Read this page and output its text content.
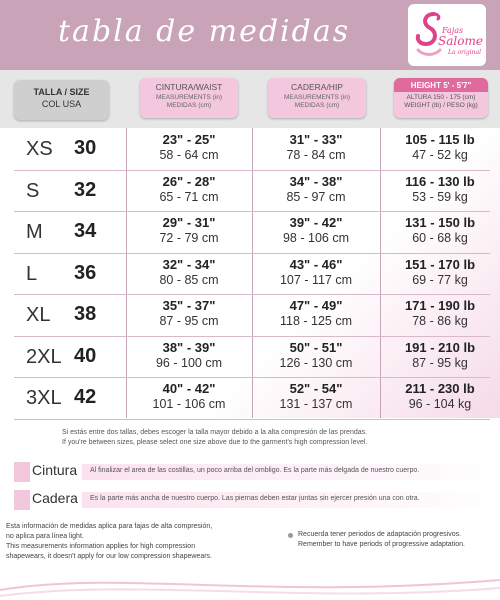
tabla de medidas	Fajas
Salome
La original
TALLA / SIZE
COL USA
CINTURA/WAIST
MEASUREMENTS (in)
MEDIDAS (cm)
CADERA/HIP
MEASUREMENTS (in)
MEDIDAS (cm)
HEIGHT 5' - 5'7"
ALTURA 150 - 175 (cm)
WEIGHT (lb) / PESO (kg)
XS 30	23" - 25"
58 - 64 cm
31" - 33"
78 - 84 cm
105 - 115 lb
47 - 52 kg
S 32	26" - 28"
65 - 71 cm
34" - 38"
85 - 97 cm
116 - 130 lb
53 - 59 kg
M 34	29" - 31"
72 - 79 cm
39" - 42"
98 - 106 cm
131 - 150 lb
60 - 68 kg
L 36	32" - 34"
80 - 85 cm
43" - 46"
107 - 117 cm
151 - 170 lb
69 - 77 kg
XL 38	35" - 37"
87 - 95 cm
47" - 49"
118 - 125 cm
171 - 190 lb
78 - 86 kg
2XL 40	38" - 39"
96 - 100 cm
50" - 51"
126 - 130 cm
191 - 210 lb
87 - 95 kg
3XL 42	40" - 42"
101 - 106 cm
52" - 54"
131 - 137 cm
211 - 230 lb
96 - 104 kg
Si estás entre dos tallas, debes escoger la talla mayor debido a la alta compresión de las prendas.
If you're between sizes, please select one size above due to the garment's high compression level.
Cintura Al finalizar el area de las costillas, un poco arriba del ombligo. Es la parte más delgada de nuestro cuerpo.
Cadera Es la parte más ancha de nuestro cuerpo. Las piernas deben estar juntas sin ejercer presión una con otra.
Esta información de medidas aplica para fajas de alta compresión,
no aplica para línea light.
This measurements information applies for high compression
shapewears, it doesn't apply for our low compression shapewears.
Recuerda tener periodos de adaptación progresivos.
Remember to have periods of progressive adaptation.
